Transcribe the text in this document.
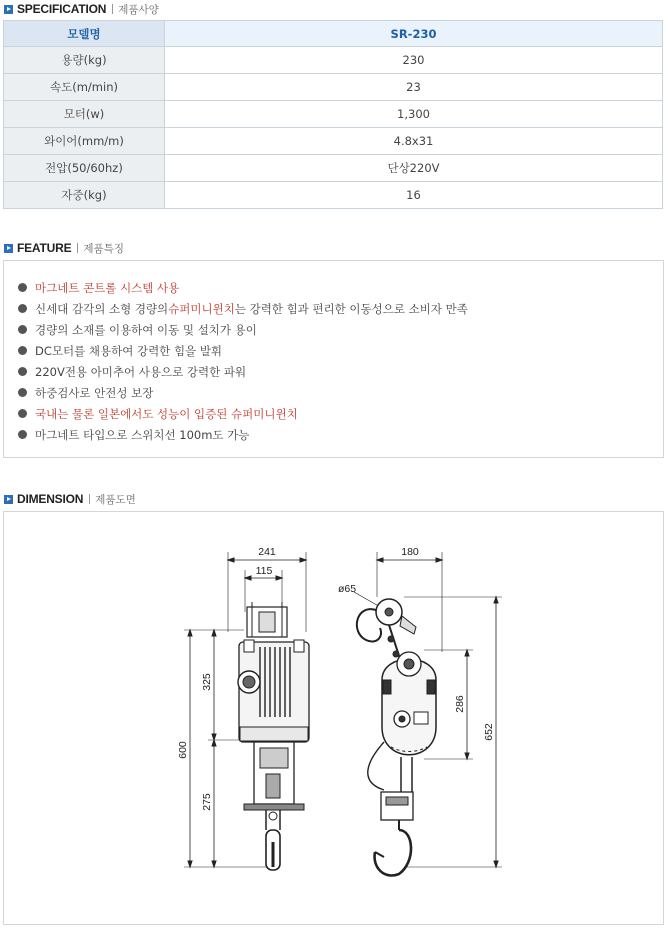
SPECIFICATION 제품사양
모델명	SR-230
용량(kg)	230
속도(m/min)	23
모터(w)	1,300
와이어(mm/m)	4.8x31
전압(50/60hz)	단상220V
자중(kg)	16
FEATURE 제품특징
마그네트 콘트롤 시스템 사용
신세대 감각의 소형 경량의 슈퍼미니윈치 는 강력한 힘과 편리한 이동성으로 소비자 만족
경량의 소재를 이용하여 이동 및 설치가 용이
DC모터를 채용하여 강력한 힘을 발휘
220V전용 아미추어 사용으로 강력한 파워
하중검사로 안전성 보장
국내는 물론 일본에서도 성능이 입증된 슈퍼미니윈치
마그네트 타입으로 스위치선 100m도 가능
DIMENSION 제품도면
241
115
600
325
275
180
ø65
286
652
